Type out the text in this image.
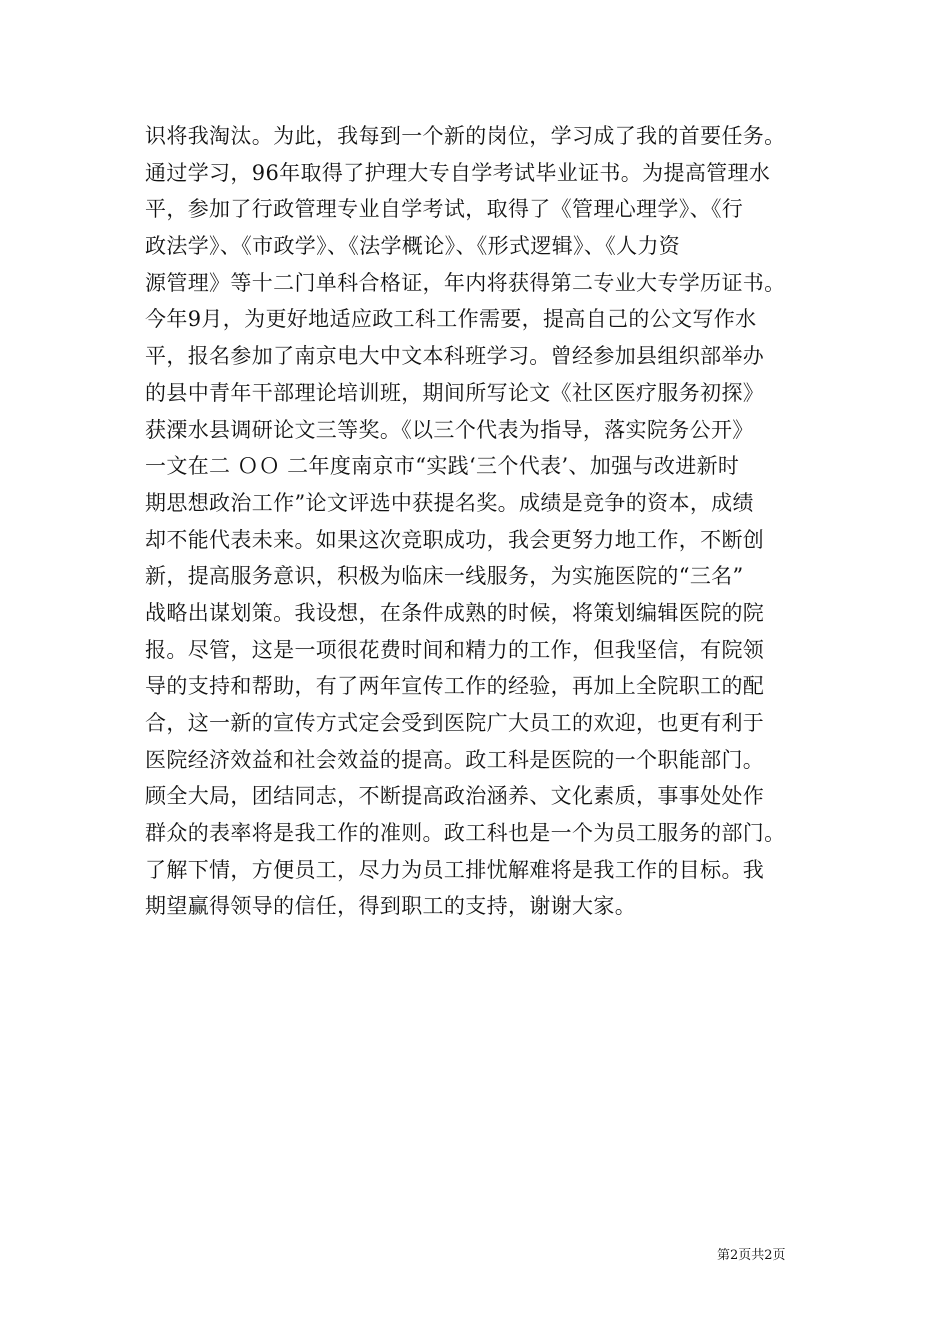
识将我淘汰。为此，我每到一个新的岗位，学习成了我的首要任务。
通过学习，96年取得了护理大专自学考试毕业证书。为提高管理水
平，参加了行政管理专业自学考试，取得了《管理心理学》、《行
政法学》、《市政学》、《法学概论》、《形式逻辑》、《人力资
源管理》等十二门单科合格证，年内将获得第二专业大专学历证书。
今年9月，为更好地适应政工科工作需要，提高自己的公文写作水
平，报名参加了南京电大中文本科班学习。曾经参加县组织部举办
的县中青年干部理论培训班，期间所写论文《社区医疗服务初探》
获溧水县调研论文三等奖。《以三个代表为指导，落实院务公开》
一文在二 ＯＯ 二年度南京市“实践‘三个代表’、加强与改进新时
期思想政治工作”论文评选中获提名奖。成绩是竞争的资本，成绩
却不能代表未来。如果这次竞职成功，我会更努力地工作，不断创
新，提高服务意识，积极为临床一线服务，为实施医院的“三名”
战略出谋划策。我设想，在条件成熟的时候，将策划编辑医院的院
报。尽管，这是一项很花费时间和精力的工作，但我坚信，有院领
导的支持和帮助，有了两年宣传工作的经验，再加上全院职工的配
合，这一新的宣传方式定会受到医院广大员工的欢迎，也更有利于
医院经济效益和社会效益的提高。政工科是医院的一个职能部门。
顾全大局，团结同志，不断提高政治涵养、文化素质，事事处处作
群众的表率将是我工作的准则。政工科也是一个为员工服务的部门。
了解下情，方便员工，尽力为员工排忧解难将是我工作的目标。我
期望赢得领导的信任，得到职工的支持，谢谢大家。
第2页共2页
